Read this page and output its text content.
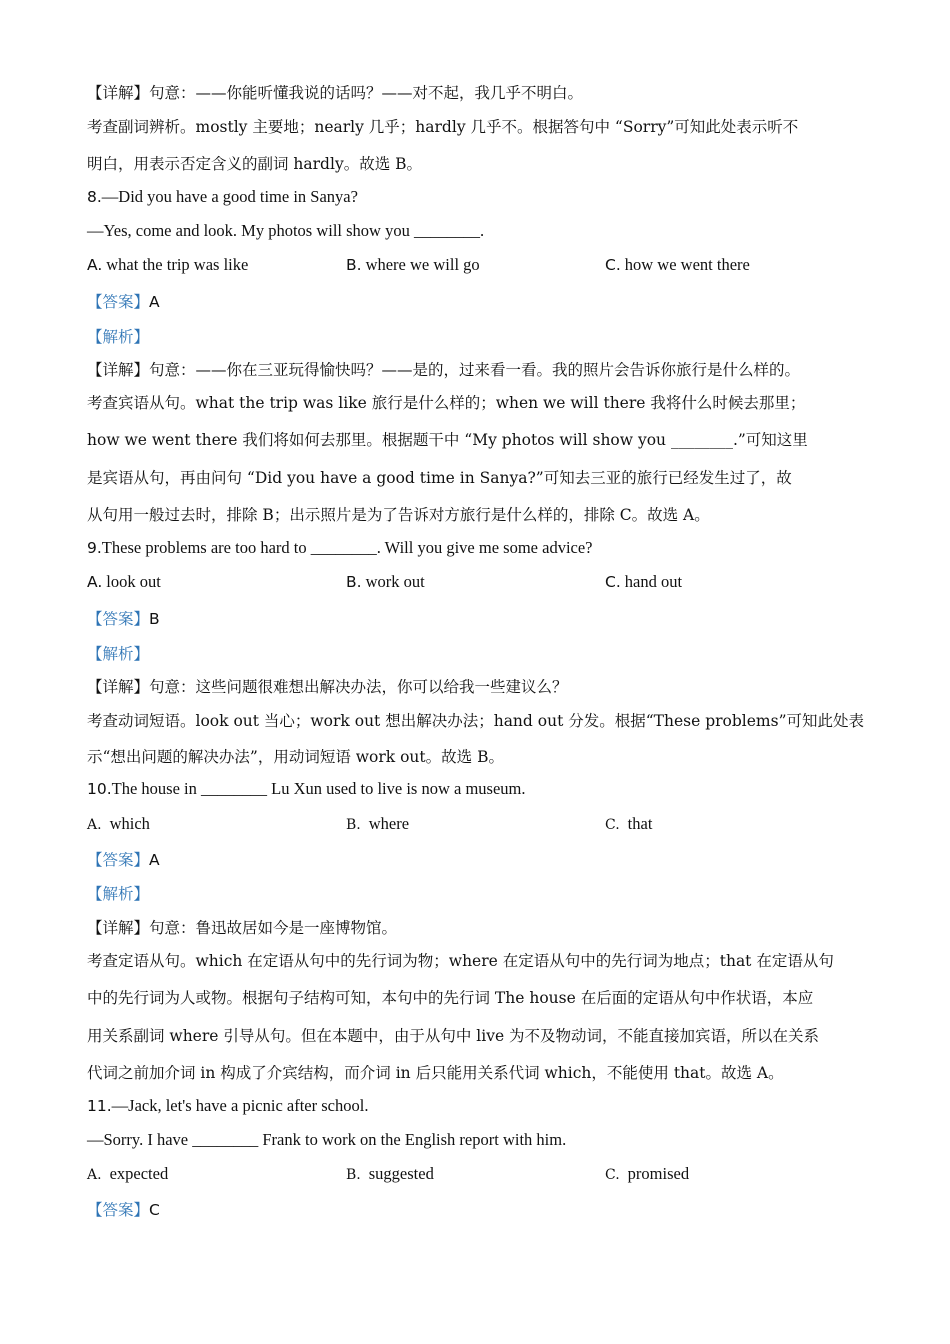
【详解】句意：——你能听懂我说的话吗？——对不起，我几乎不明白。
考查副词辨析。mostly 主要地；nearly 几乎；hardly 几乎不。根据答句中 “Sorry”可知此处表示听不
明白，用表示否定含义的副词 hardly。故选 B。
8.—Did you have a good time in Sanya?
—Yes, come and look. My photos will show you ________.
A. what the trip was like	B. where we will go	C. how we went there
【答案】A
【解析】
【详解】句意：——你在三亚玩得愉快吗？——是的，过来看一看。我的照片会告诉你旅行是什么样的。
考查宾语从句。what the trip was like 旅行是什么样的；when we will there 我将什么时候去那里；
how we went there 我们将如何去那里。根据题干中 “My photos will show you ________.”可知这里
是宾语从句，再由问句 “Did you have a good time in Sanya?”可知去三亚的旅行已经发生过了，故
从句用一般过去时，排除 B；出示照片是为了告诉对方旅行是什么样的，排除 C。故选 A。
9.These problems are too hard to ________. Will you give me some advice?
A. look out	B. work out	C. hand out
【答案】B
【解析】
【详解】句意：这些问题很难想出解决办法，你可以给我一些建议么？
考查动词短语。look out 当心；work out 想出解决办法；hand out 分发。根据“These problems”可知此处表
示“想出问题的解决办法”，用动词短语 work out。故选 B。
10.The house in ________ Lu Xun used to live is now a museum.
A. which	B. where	C. that
【答案】A
【解析】
【详解】句意：鲁迅故居如今是一座博物馆。
考查定语从句。which 在定语从句中的先行词为物；where 在定语从句中的先行词为地点；that 在定语从句
中的先行词为人或物。根据句子结构可知，本句中的先行词 The house 在后面的定语从句中作状语，本应
用关系副词 where 引导从句。但在本题中，由于从句中 live 为不及物动词，不能直接加宾语，所以在关系
代词之前加介词 in 构成了介宾结构，而介词 in 后只能用关系代词 which，不能使用 that。故选 A。
11.—Jack, let's have a picnic after school.
—Sorry. I have ________ Frank to work on the English report with him.
A. expected	B. suggested	C. promised
【答案】C
